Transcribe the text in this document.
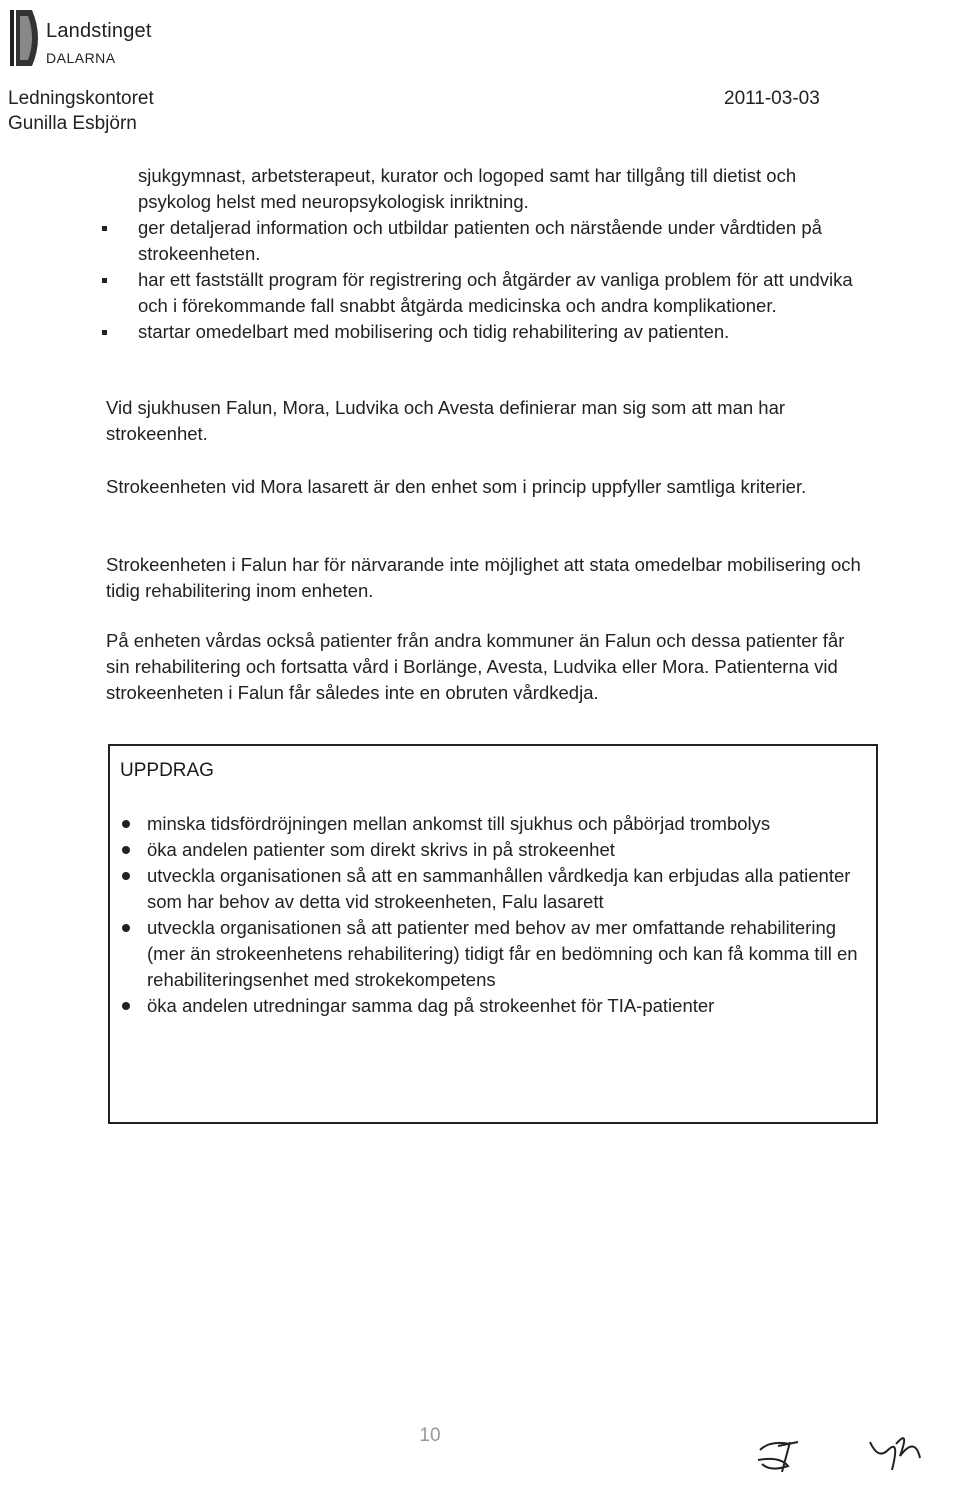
Landstinget
DALARNA
Ledningskontoret
Gunilla Esbjörn
2011-03-03

sjukgymnast, arbetsterapeut, kurator och logoped samt har tillgång till dietist och psykolog helst med neuropsykologisk inriktning.

ger detaljerad information och utbildar patienten och närstående under vårdtiden på strokeenheten.

har ett fastställt program för registrering och åtgärder av vanliga problem för att undvika och i förekommande fall snabbt åtgärda medicinska och andra komplikationer.

startar omedelbart med mobilisering och tidig rehabilitering av patienten.

Vid sjukhusen Falun, Mora, Ludvika och Avesta definierar man sig som att man har strokeenhet.

Strokeenheten vid Mora lasarett är den enhet som i princip uppfyller samtliga kriterier.

Strokeenheten i Falun har för närvarande inte möjlighet att stata omedelbar mobilisering och tidig rehabilitering inom enheten.

På enheten vårdas också patienter från andra kommuner än Falun och dessa patienter får sin rehabilitering och fortsatta vård i Borlänge, Avesta, Ludvika eller Mora. Patienterna vid strokeenheten i Falun får således inte en obruten vårdkedja.

UPPDRAG

minska tidsfördröjningen mellan ankomst till sjukhus och påbörjad trombolys

öka andelen patienter som direkt skrivs in på strokeenhet

utveckla organisationen så att en sammanhållen vårdkedja kan erbjudas alla patienter som har behov av detta vid strokeenheten, Falu lasarett

utveckla organisationen så att patienter med behov av mer omfattande rehabilitering (mer än strokeenhetens rehabilitering) tidigt får en bedömning och kan få komma till en rehabiliteringsenhet med strokekompetens

öka andelen utredningar samma dag på strokeenhet för TIA-patienter

10
